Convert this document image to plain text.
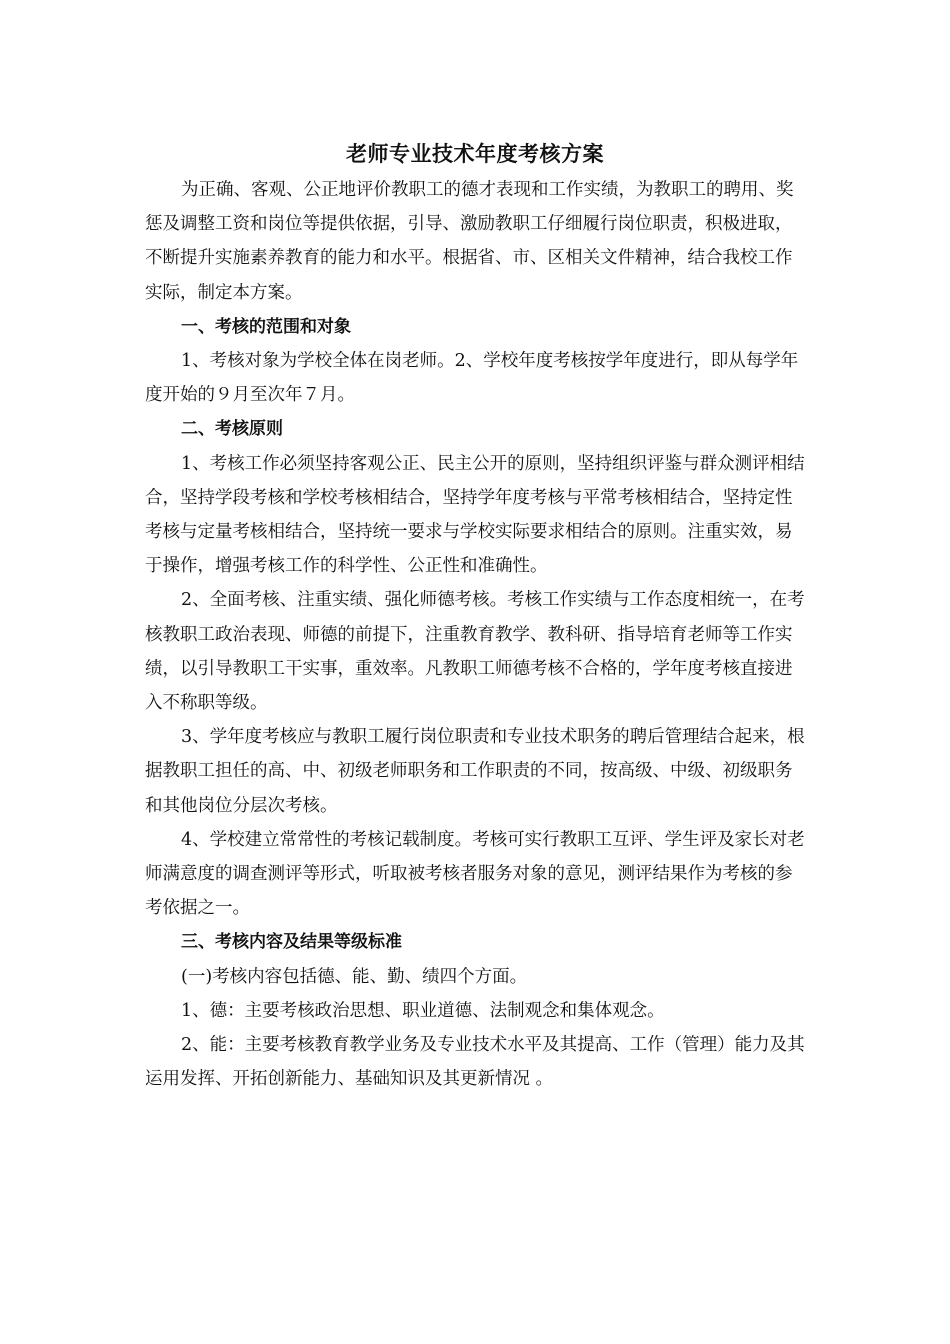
老师专业技术年度考核方案

为正确、客观、公正地评价教职工的德才表现和工作实绩，为教职工的聘用、奖惩及调整工资和岗位等提供依据，引导、激励教职工仔细履行岗位职责，积极进取，不断提升实施素养教育的能力和水平。根据省、市、区相关文件精神，结合我校工作实际，制定本方案。

一、考核的范围和对象

1、考核对象为学校全体在岗老师。2、学校年度考核按学年度进行，即从每学年度开始的９月至次年７月。

二、考核原则

1、考核工作必须坚持客观公正、民主公开的原则，坚持组织评鉴与群众测评相结合，坚持学段考核和学校考核相结合，坚持学年度考核与平常考核相结合，坚持定性考核与定量考核相结合，坚持统一要求与学校实际要求相结合的原则。注重实效，易于操作，增强考核工作的科学性、公正性和准确性。

2、全面考核、注重实绩、强化师德考核。考核工作实绩与工作态度相统一，在考核教职工政治表现、师德的前提下，注重教育教学、教科研、指导培育老师等工作实绩，以引导教职工干实事，重效率。凡教职工师德考核不合格的，学年度考核直接进入不称职等级。

3、学年度考核应与教职工履行岗位职责和专业技术职务的聘后管理结合起来，根据教职工担任的高、中、初级老师职务和工作职责的不同，按高级、中级、初级职务和其他岗位分层次考核。

4、学校建立常常性的考核记载制度。考核可实行教职工互评、学生评及家长对老师满意度的调查测评等形式，听取被考核者服务对象的意见，测评结果作为考核的参考依据之一。

三、考核内容及结果等级标准

(一)考核内容包括德、能、勤、绩四个方面。

1、德：主要考核政治思想、职业道德、法制观念和集体观念。

2、能：主要考核教育教学业务及专业技术水平及其提高、工作（管理）能力及其运用发挥、开拓创新能力、基础知识及其更新情况 。
